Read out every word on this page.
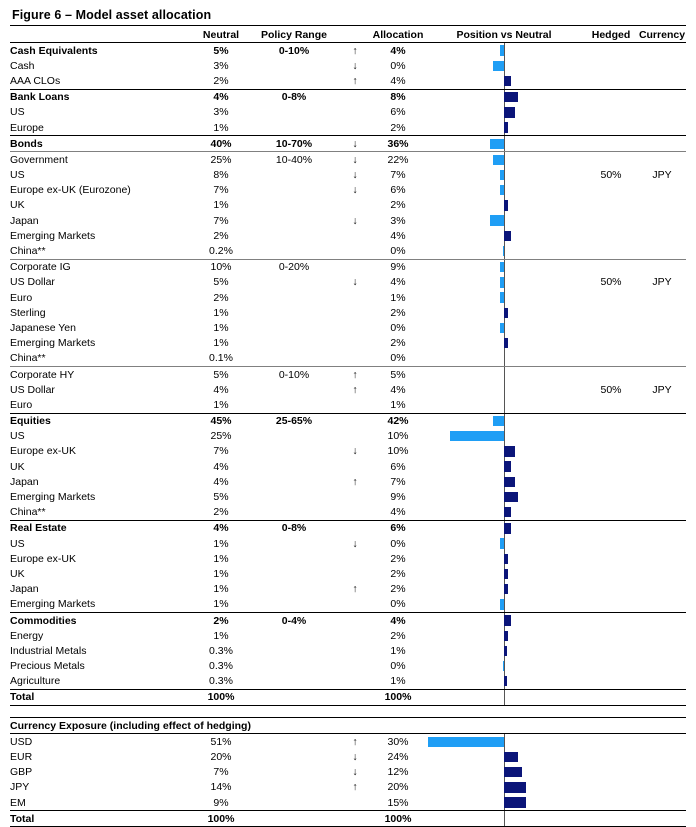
Figure 6 – Model asset allocation
	Neutral	Policy Range		Allocation	Position vs Neutral	Hedged	Currency
Cash Equivalents	5%	0-10%	↑	4%	

Cash	3%		↓	0%	

AAA CLOs	2%		↑	4%	

Bank Loans	4%	0-8%		8%	

US	3%			6%	

Europe	1%			2%	

Bonds	40%	10-70%	↓	36%	

Government	25%	10-40%	↓	22%	

US	8%		↓	7%		50%	JPY
Europe ex-UK (Eurozone)	7%		↓	6%	

UK	1%			2%	

Japan	7%		↓	3%	

Emerging Markets	2%			4%	

China**	0.2%			0%	

Corporate IG	10%	0-20%		9%	

US Dollar	5%		↓	4%		50%	JPY
Euro	2%			1%	

Sterling	1%			2%	

Japanese Yen	1%			0%	

Emerging Markets	1%			2%	

China**	0.1%			0%	

Corporate HY	5%	0-10%	↑	5%	

US Dollar	4%		↑	4%		50%	JPY
Euro	1%			1%	

Equities	45%	25-65%		42%	

US	25%			10%	

Europe ex-UK	7%		↓	10%	

UK	4%			6%	

Japan	4%		↑	7%	

Emerging Markets	5%			9%	

China**	2%			4%	

Real Estate	4%	0-8%		6%	

US	1%		↓	0%	

Europe ex-UK	1%			2%	

UK	1%			2%	

Japan	1%		↑	2%	

Emerging Markets	1%			0%	

Commodities	2%	0-4%		4%	

Energy	1%			2%	

Industrial Metals	0.3%			1%	

Precious Metals	0.3%			0%	

Agriculture	0.3%			1%	

Total	100%			100%	

Currency Exposure (including effect of hedging)							
USD	51%		↑	30%	

EUR	20%		↓	24%	

GBP	7%		↓	12%	

JPY	14%		↑	20%	

EM	9%			15%	

Total	100%			100%	
